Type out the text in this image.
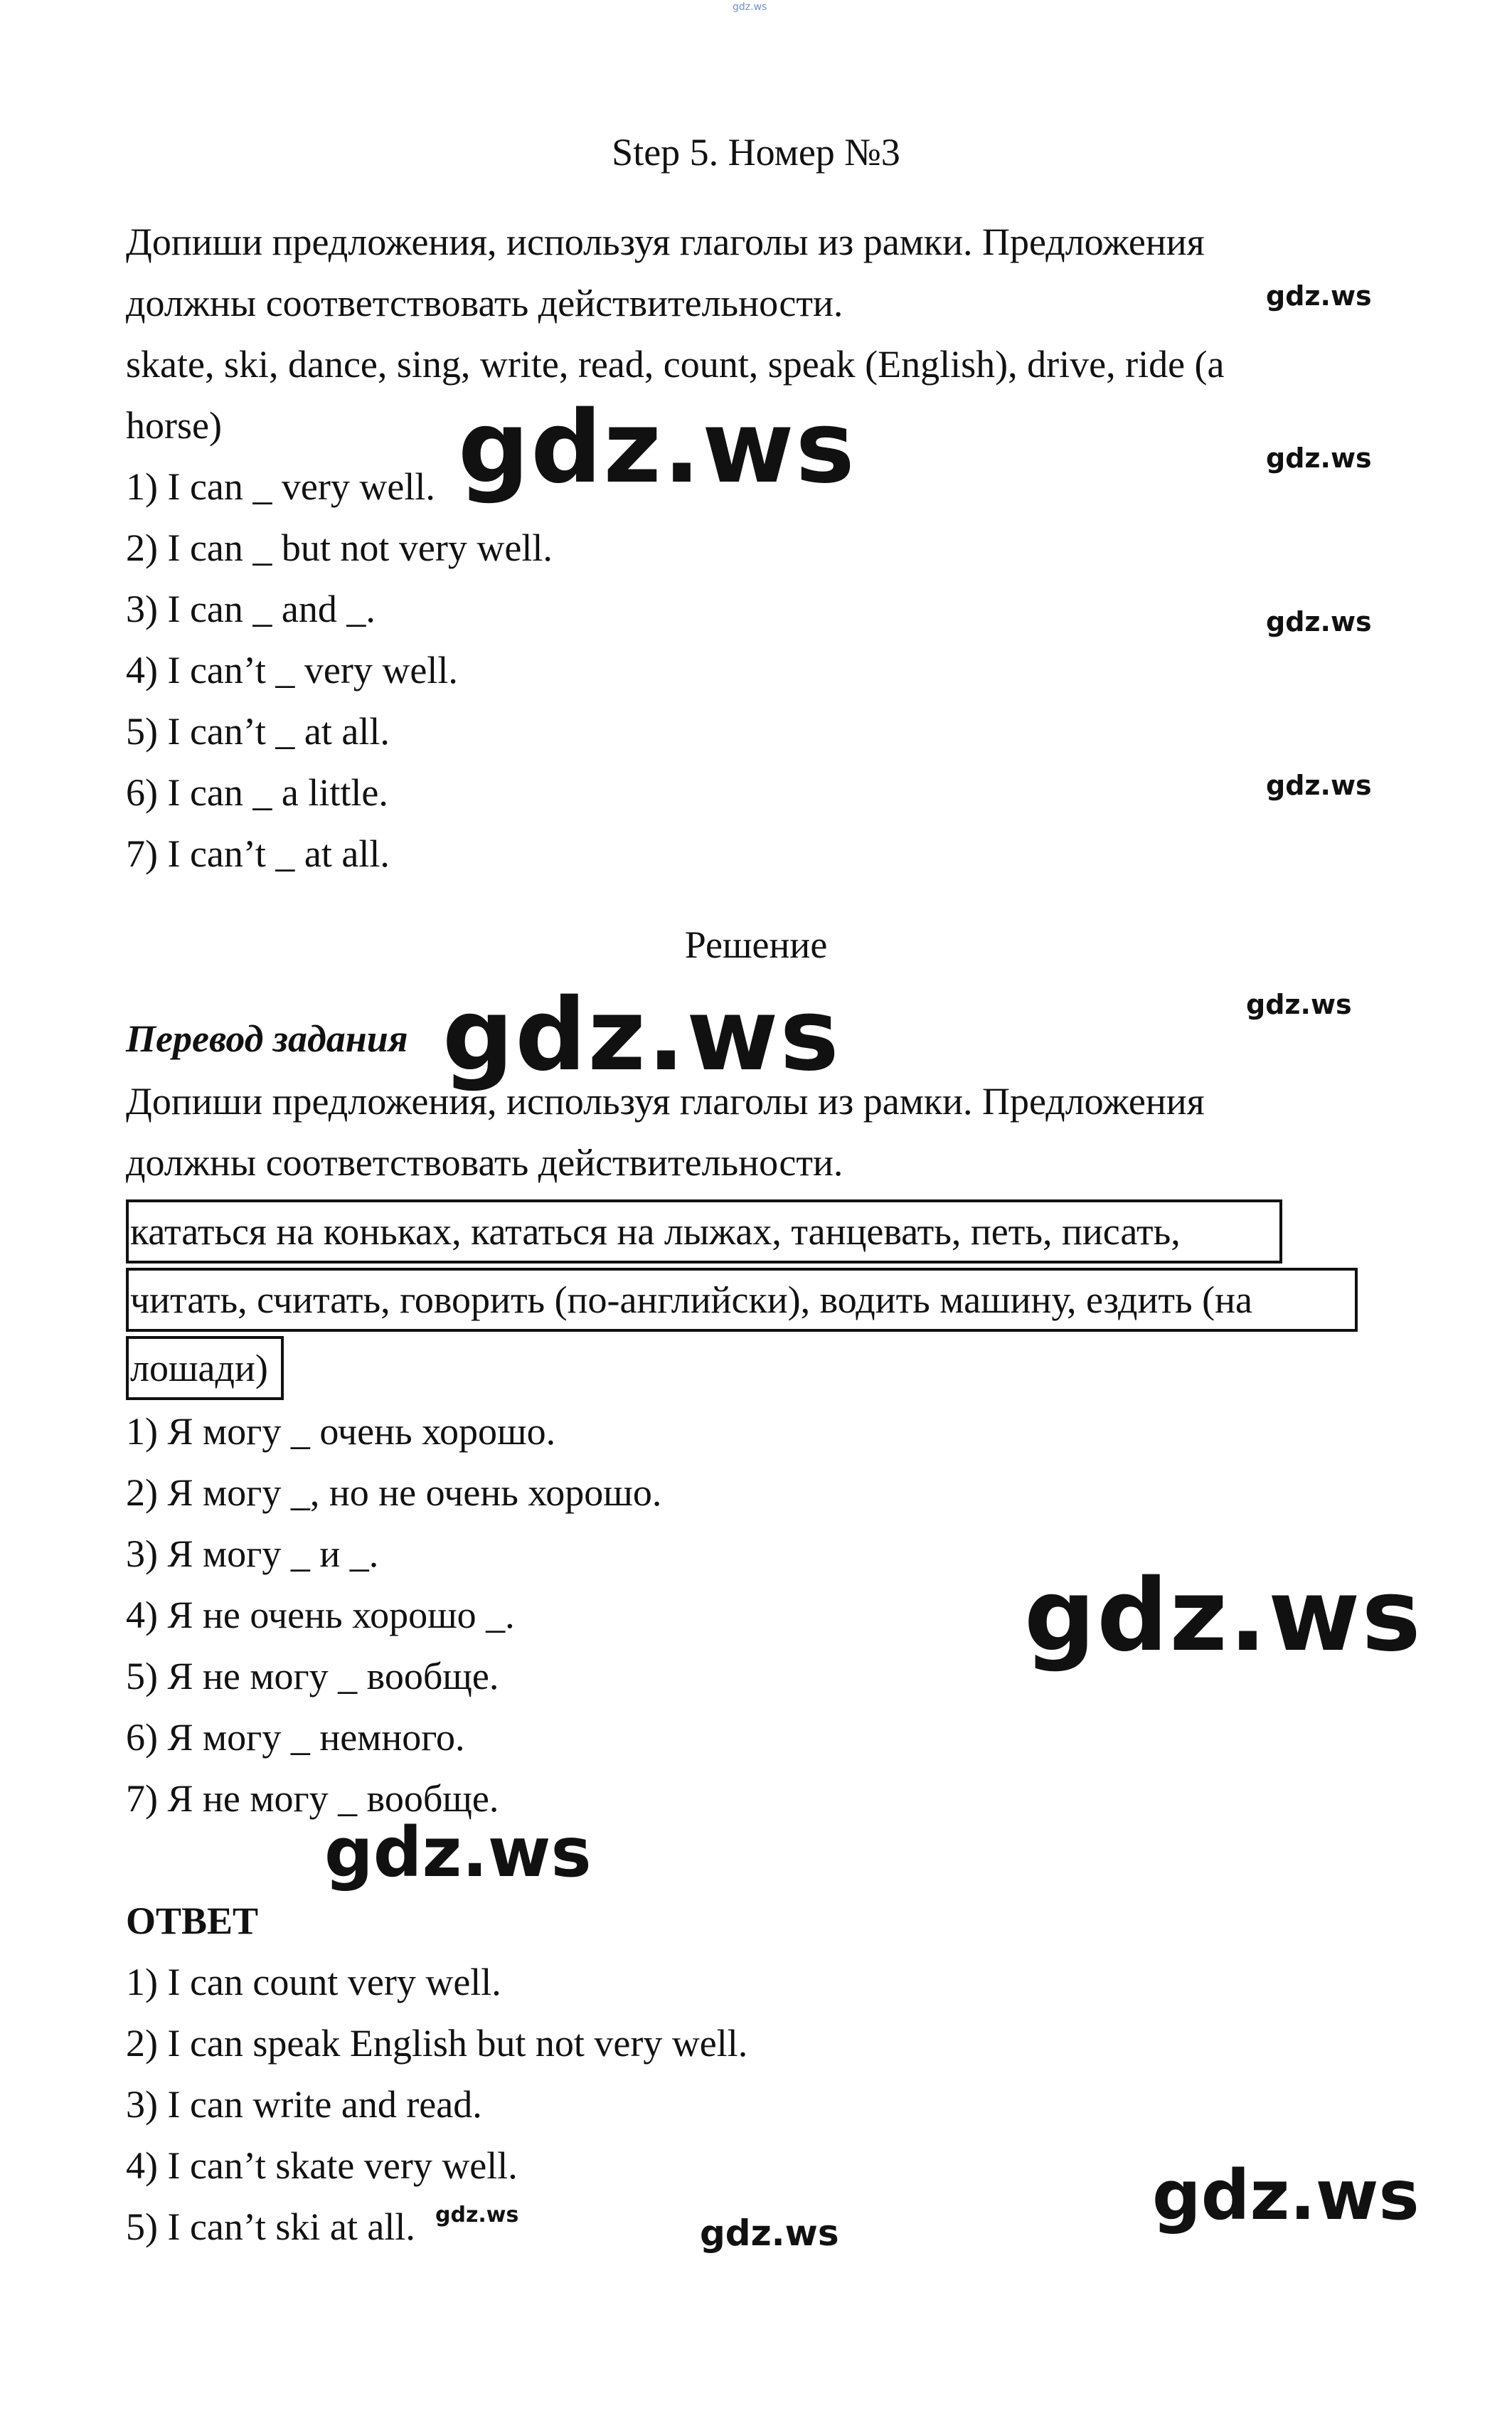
gdz.ws
Step 5. Номер №3
Допиши предложения, используя глаголы из рамки. Предложения
должны соответствовать действительности.
skate, ski, dance, sing, write, read, count, speak (English), drive, ride (a
horse)
1) I can _ very well.
2) I can _ but not very well.
3) I can _ and _.
4) I can’t _ very well.
5) I can’t _ at all.
6) I can _ a little.
7) I can’t _ at all.
Решение
Перевод задания
Допиши предложения, используя глаголы из рамки. Предложения
должны соответствовать действительности.
кататься на коньках, кататься на лыжах, танцевать, петь, писать,
читать, считать, говорить (по-английски), водить машину, ездить (на
лошади)
1) Я могу _ очень хорошо.
2) Я могу _, но не очень хорошо.
3) Я могу _ и _.
4) Я не очень хорошо _.
5) Я не могу _ вообще.
6) Я могу _ немного.
7) Я не могу _ вообще.
ОТВЕТ
1) I can count very well.
2) I can speak English but not very well.
3) I can write and read.
4) I can’t skate very well.
5) I can’t ski at all.
gdz.ws
gdz.ws
gdz.ws
gdz.ws
gdz.ws
gdz.ws
gdz.ws
gdz.ws
gdz.ws
gdz.ws
gdz.ws
gdz.ws
